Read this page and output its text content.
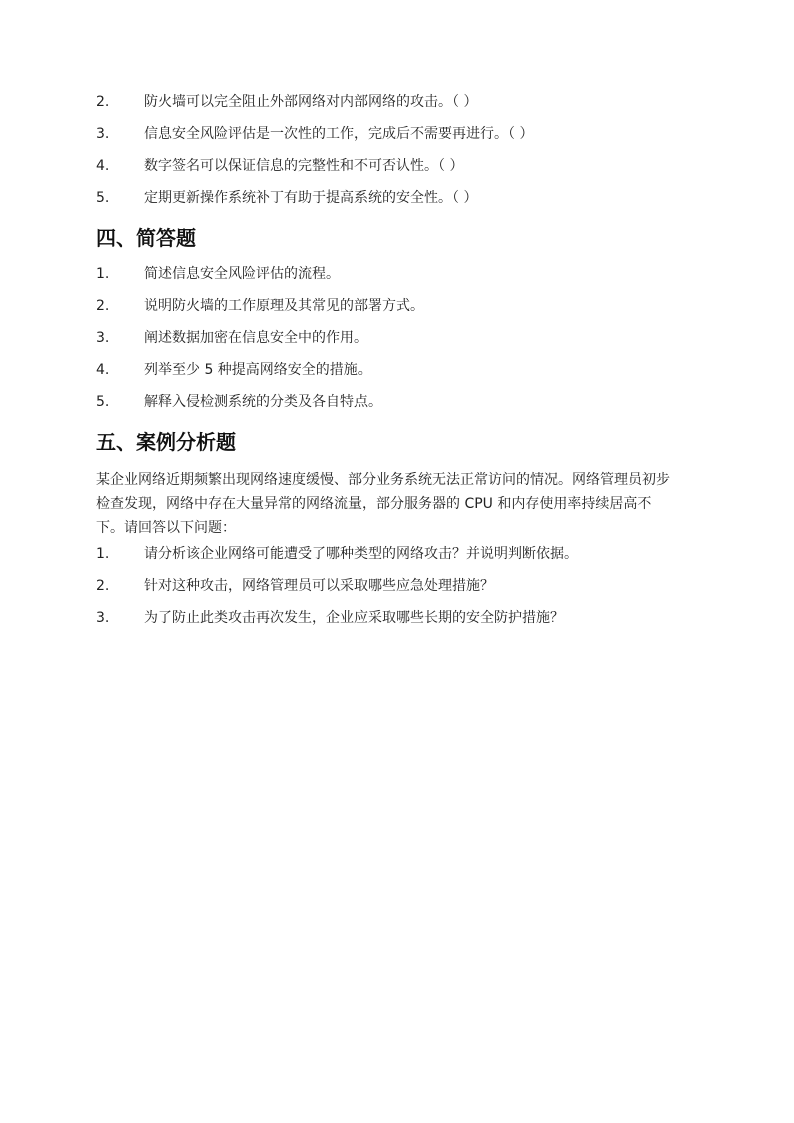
2.	防火墙可以完全阻止外部网络对内部网络的攻击。（ ）
3.	信息安全风险评估是一次性的工作，完成后不需要再进行。（ ）
4.	数字签名可以保证信息的完整性和不可否认性。（ ）
5.	定期更新操作系统补丁有助于提高系统的安全性。（ ）
四、简答题
1.	简述信息安全风险评估的流程。
2.	说明防火墙的工作原理及其常见的部署方式。
3.	阐述数据加密在信息安全中的作用。
4.	列举至少 5 种提高网络安全的措施。
5.	解释入侵检测系统的分类及各自特点。
五、案例分析题
某企业网络近期频繁出现网络速度缓慢、部分业务系统无法正常访问的情况。网络管理员初步
检查发现，网络中存在大量异常的网络流量，部分服务器的 CPU 和内存使用率持续居高不
下。请回答以下问题：
1.	请分析该企业网络可能遭受了哪种类型的网络攻击？并说明判断依据。
2.	针对这种攻击，网络管理员可以采取哪些应急处理措施？
3.	为了防止此类攻击再次发生，企业应采取哪些长期的安全防护措施？
